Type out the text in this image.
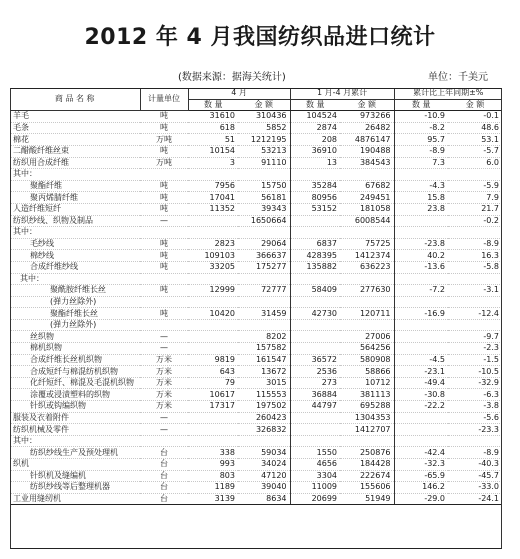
2012 年 4 月我国纺织品进口统计
(数据来源：据海关统计)	单位：千美元
商 品 名 称	计量单位	4 月		1 月-4 月累计		累计比上年同期±%	
		数 量	金 额	数 量	金 额	数 量	金 额
羊毛	吨	31610	310436	104524	973266	-10.9	-0.1
毛条	吨	618	5852	2874	26482	-8.2	48.6
棉花	万吨	51	1212195	208	4876147	95.7	53.1
二醋酸纤维丝束	吨	10154	53213	36910	190488	-8.9	-5.7
纺织用合成纤维	万吨	3	91110	13	384543	7.3	6.0
其中：							
聚酯纤维	吨	7956	15750	35284	67682	-4.3	-5.9
聚丙烯腈纤维	吨	17041	56181	80956	249451	15.8	7.9
人造纤维短纤	吨	11352	39343	53152	181058	23.8	21.7
纺织纱线、织物及制品	—		1650664		6008544		-0.2
其中：							
毛纱线	吨	2823	29064	6837	75725	-23.8	-8.9
棉纱线	吨	109103	366637	428395	1412374	40.2	16.3
合成纤维纱线	吨	33205	175277	135882	636223	-13.6	-5.8
其中：							
聚酰胺纤维长丝	吨	12999	72777	58409	277630	-7.2	-3.1
(弹力丝除外)							
聚酯纤维长丝	吨	10420	31459	42730	120711	-16.9	-12.4
(弹力丝除外)							
丝织物	—		8202		27006		-9.7
棉机织物	—		157582		564256		-2.3
合成纤维长丝机织物	万米	9819	161547	36572	580908	-4.5	-1.5
合成短纤与棉混纺机织物	万米	643	13672	2536	58866	-23.1	-10.5
化纤短纤、棉混及毛混机织物	万米	79	3015	273	10712	-49.4	-32.9
涂覆或浸渍塑料的织物	万米	10617	115553	36884	381113	-30.8	-6.3
针织或钩编织物	万米	17317	197502	44797	695288	-22.2	-3.8
服装及衣着附件	—		260423		1304353		-5.6
纺织机械及零件	—		326832		1412707		-23.3
其中：							
纺织纱线生产及预处理机	台	338	59034	1550	250876	-42.4	-8.9
织机	台	993	34024	4656	184428	-32.3	-40.3
针织机及缝编机	台	803	47120	3304	222674	-65.9	-45.7
纺织纱线等后整理机器	台	1189	39040	11009	155606	146.2	-33.0
工业用缝纫机	台	3139	8634	20699	51949	-29.0	-24.1
